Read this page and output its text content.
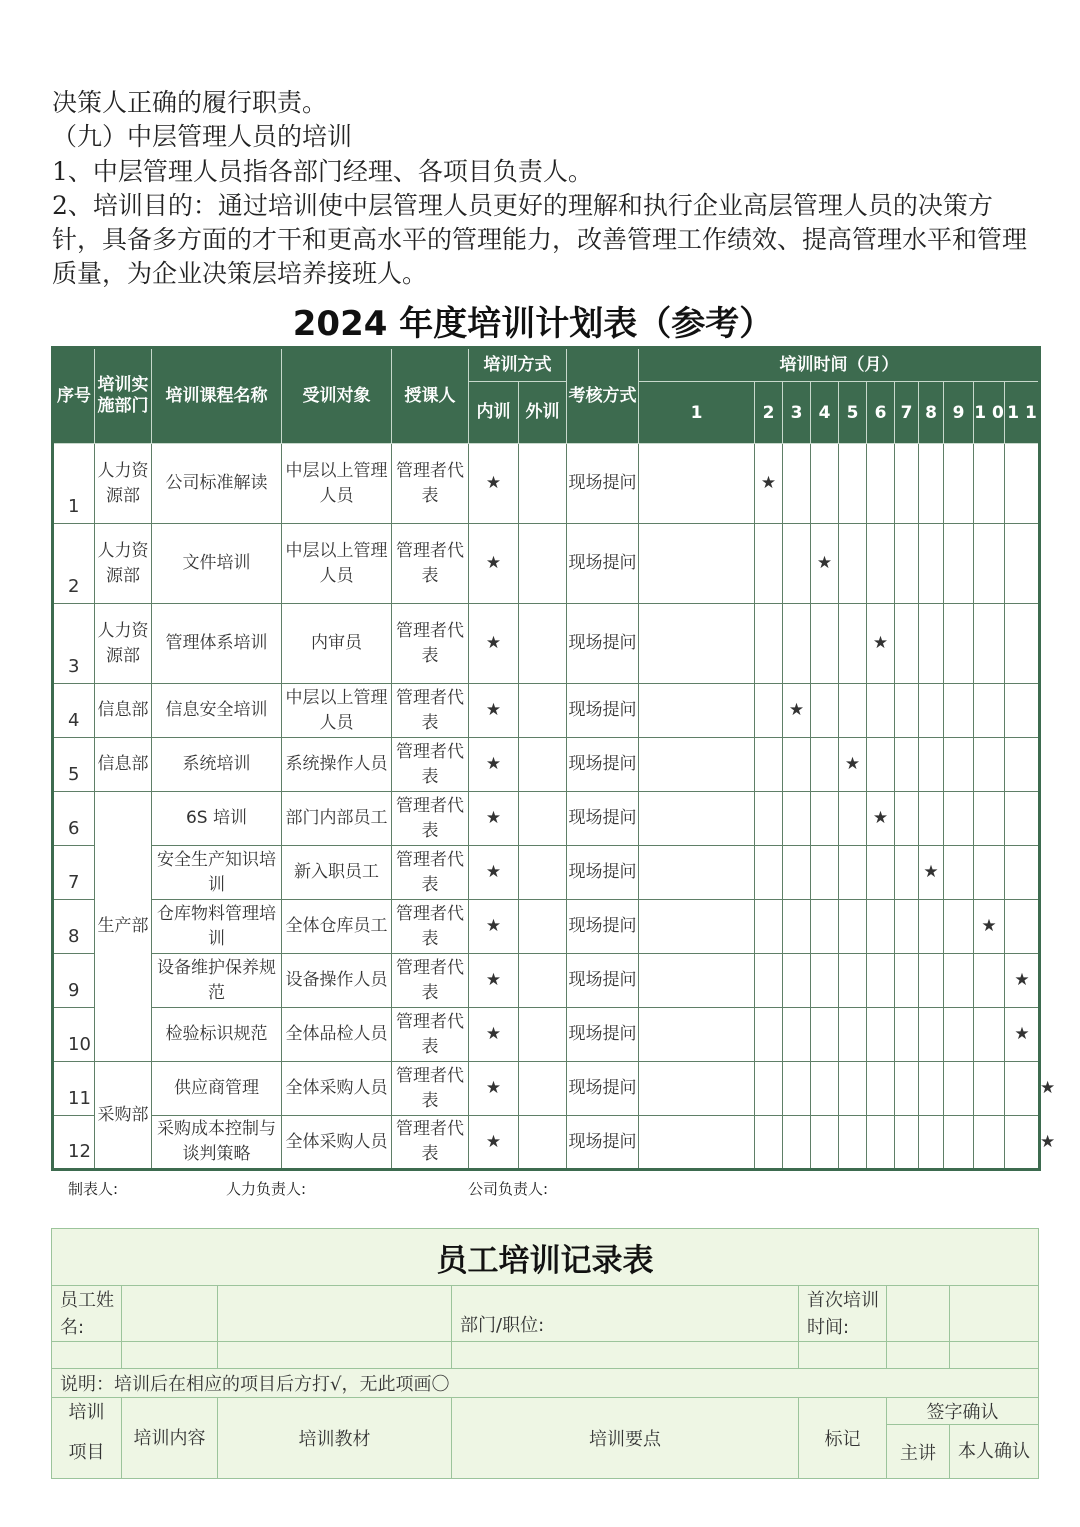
决策人正确的履行职责。

（九）中层管理人员的培训

1、中层管理人员指各部门经理、各项目负责人。

2、培训目的：通过培训使中层管理人员更好的理解和执行企业高层管理人员的决策方针，具备多方面的才干和更高水平的管理能力，改善管理工作绩效、提高管理水平和管理质量，为企业决策层培养接班人。

2024 年度培训计划表（参考）
序号	培训实施部门	培训课程名称	受训对象	授课人	培训方式		考核方式	培训时间（月）											
					内训	外训		1	2	3	4	5	6	7	8	9	1 0	1 1	1 2
1	人力资源部	公司标准解读	中层以上管理人员	管理者代表	★		现场提问		★										
2	人力资源部	文件培训	中层以上管理人员	管理者代表	★		现场提问				★								
3	人力资源部	管理体系培训	内审员	管理者代表	★		现场提问						★						
4	信息部	信息安全培训	中层以上管理人员	管理者代表	★		现场提问			★									
5	信息部	系统培训	系统操作人员	管理者代表	★		现场提问					★							
6	生产部	6S 培训	部门内部员工	管理者代表	★		现场提问						★						
7		安全生产知识培训	新入职员工	管理者代表	★		现场提问								★				
8		仓库物料管理培训	全体仓库员工	管理者代表	★		现场提问										★		
9		设备维护保养规范	设备操作人员	管理者代表	★		现场提问											★	
10		检验标识规范	全体品检人员	管理者代表	★		现场提问											★	
11	采购部	供应商管理	全体采购人员	管理者代表	★		现场提问												★
12		采购成本控制与谈判策略	全体采购人员	管理者代表	★		现场提问												★
制表人:	人力负责人:	公司负责人:
员工培训记录表						
员工姓名:			部门/职位:	首次培训时间:		

说明：培训后在相应的项目后方打√，无此项画〇						
培训	培训内容	培训教材	培训要点	标记	签字确认	
项目					主讲	本人确认
